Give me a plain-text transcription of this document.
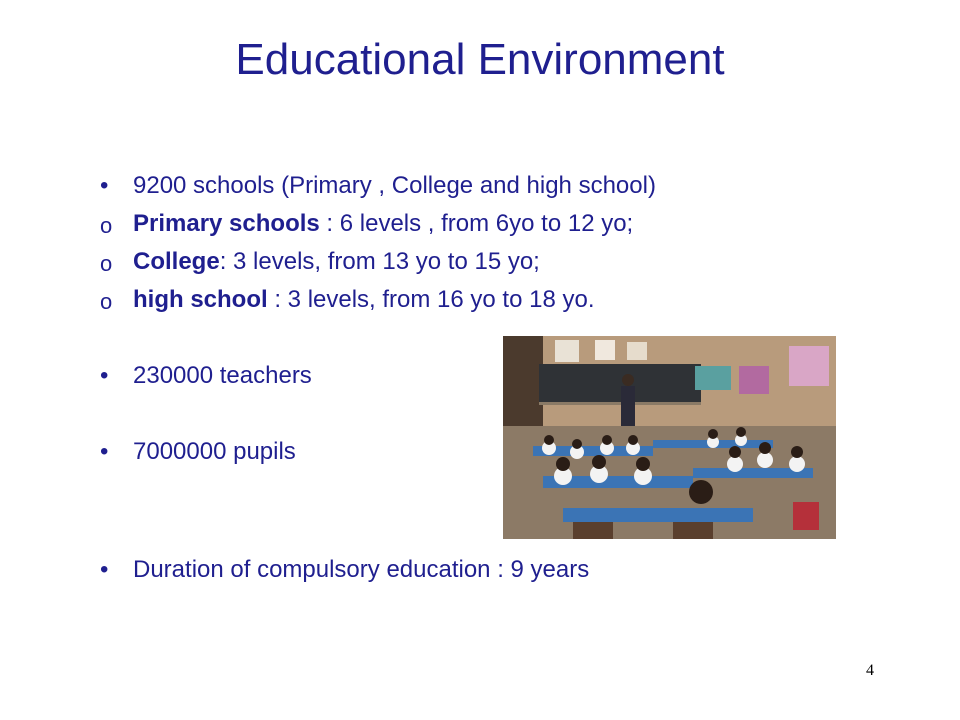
Educational Environment
•	9200 schools (Primary , College and high school)
o Primary schools : 6 levels , from 6yo to 12 yo;
o College: 3 levels, from 13 yo to 15 yo;
o high school : 3 levels, from 16 yo to 18 yo.
•	230000 teachers
•	7000000 pupils
•	Duration of compulsory education : 9 years
4
